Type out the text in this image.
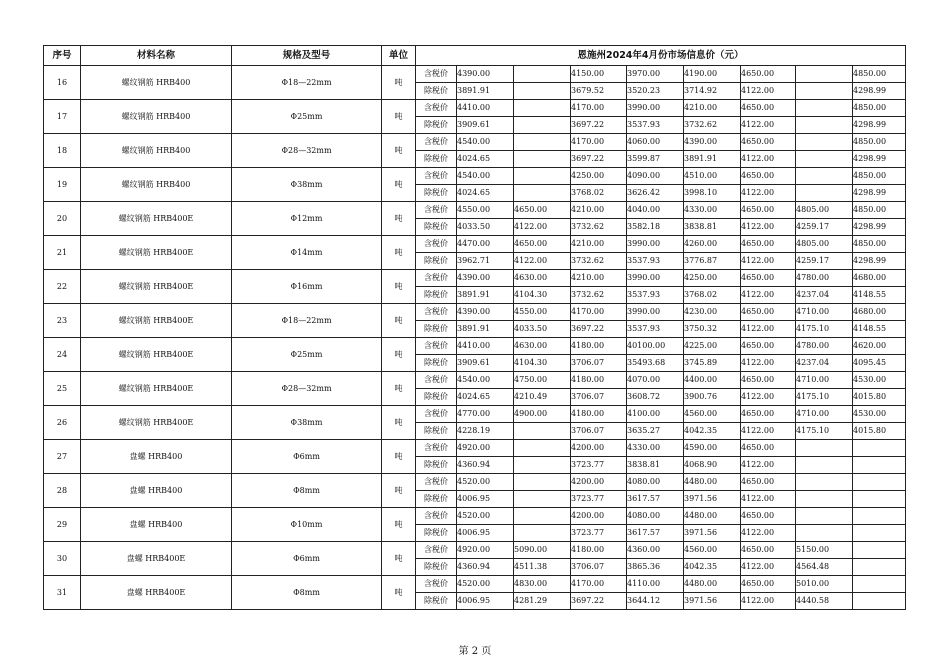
序号	材料名称	规格及型号	单位	恩施州2024年4月份市场信息价（元）								
16	螺纹钢筋 HRB400	Φ18—22mm	吨	含税价	4390.00		4150.00	3970.00	4190.00	4650.00		4850.00
				除税价	3891.91		3679.52	3520.23	3714.92	4122.00		4298.99
17	螺纹钢筋 HRB400	Φ25mm	吨	含税价	4410.00		4170.00	3990.00	4210.00	4650.00		4850.00
				除税价	3909.61		3697.22	3537.93	3732.62	4122.00		4298.99
18	螺纹钢筋 HRB400	Φ28—32mm	吨	含税价	4540.00		4170.00	4060.00	4390.00	4650.00		4850.00
				除税价	4024.65		3697.22	3599.87	3891.91	4122.00		4298.99
19	螺纹钢筋 HRB400	Φ38mm	吨	含税价	4540.00		4250.00	4090.00	4510.00	4650.00		4850.00
				除税价	4024.65		3768.02	3626.42	3998.10	4122.00		4298.99
20	螺纹钢筋 HRB400E	Φ12mm	吨	含税价	4550.00	4650.00	4210.00	4040.00	4330.00	4650.00	4805.00	4850.00
				除税价	4033.50	4122.00	3732.62	3582.18	3838.81	4122.00	4259.17	4298.99
21	螺纹钢筋 HRB400E	Φ14mm	吨	含税价	4470.00	4650.00	4210.00	3990.00	4260.00	4650.00	4805.00	4850.00
				除税价	3962.71	4122.00	3732.62	3537.93	3776.87	4122.00	4259.17	4298.99
22	螺纹钢筋 HRB400E	Φ16mm	吨	含税价	4390.00	4630.00	4210.00	3990.00	4250.00	4650.00	4780.00	4680.00
				除税价	3891.91	4104.30	3732.62	3537.93	3768.02	4122.00	4237.04	4148.55
23	螺纹钢筋 HRB400E	Φ18—22mm	吨	含税价	4390.00	4550.00	4170.00	3990.00	4230.00	4650.00	4710.00	4680.00
				除税价	3891.91	4033.50	3697.22	3537.93	3750.32	4122.00	4175.10	4148.55
24	螺纹钢筋 HRB400E	Φ25mm	吨	含税价	4410.00	4630.00	4180.00	40100.00	4225.00	4650.00	4780.00	4620.00
				除税价	3909.61	4104.30	3706.07	35493.68	3745.89	4122.00	4237.04	4095.45
25	螺纹钢筋 HRB400E	Φ28—32mm	吨	含税价	4540.00	4750.00	4180.00	4070.00	4400.00	4650.00	4710.00	4530.00
				除税价	4024.65	4210.49	3706.07	3608.72	3900.76	4122.00	4175.10	4015.80
26	螺纹钢筋 HRB400E	Φ38mm	吨	含税价	4770.00	4900.00	4180.00	4100.00	4560.00	4650.00	4710.00	4530.00
				除税价	4228.19		3706.07	3635.27	4042.35	4122.00	4175.10	4015.80
27	盘螺 HRB400	Φ6mm	吨	含税价	4920.00		4200.00	4330.00	4590.00	4650.00		
				除税价	4360.94		3723.77	3838.81	4068.90	4122.00		
28	盘螺 HRB400	Φ8mm	吨	含税价	4520.00		4200.00	4080.00	4480.00	4650.00		
				除税价	4006.95		3723.77	3617.57	3971.56	4122.00		
29	盘螺 HRB400	Φ10mm	吨	含税价	4520.00		4200.00	4080.00	4480.00	4650.00		
				除税价	4006.95		3723.77	3617.57	3971.56	4122.00		
30	盘螺 HRB400E	Φ6mm	吨	含税价	4920.00	5090.00	4180.00	4360.00	4560.00	4650.00	5150.00	
				除税价	4360.94	4511.38	3706.07	3865.36	4042.35	4122.00	4564.48	
31	盘螺 HRB400E	Φ8mm	吨	含税价	4520.00	4830.00	4170.00	4110.00	4480.00	4650.00	5010.00	
				除税价	4006.95	4281.29	3697.22	3644.12	3971.56	4122.00	4440.58	
第 2 页
